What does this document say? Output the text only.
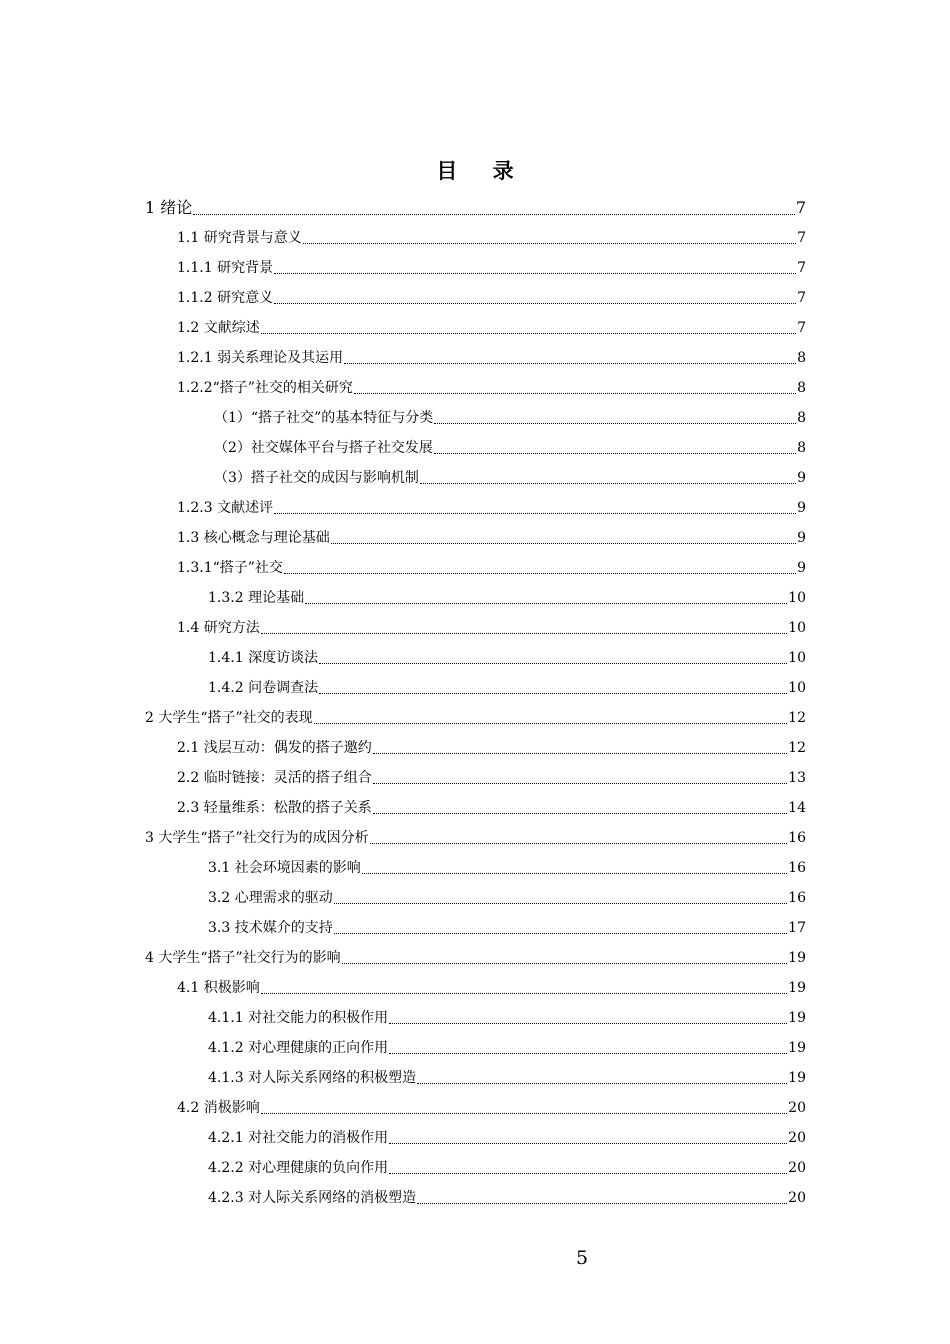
目 录
1 绪论	7
1.1 研究背景与意义	7
1.1.1 研究背景	7
1.1.2 研究意义	7
1.2 文献综述	7
1.2.1 弱关系理论及其运用	8
1.2.2“搭子”社交的相关研究	8
（1）“搭子社交”的基本特征与分类	8
（2）社交媒体平台与搭子社交发展	8
（3）搭子社交的成因与影响机制	9
1.2.3 文献述评	9
1.3 核心概念与理论基础	9
1.3.1“搭子”社交	9
1.3.2 理论基础	10
1.4 研究方法	10
1.4.1 深度访谈法	10
1.4.2 问卷调查法	10
2 大学生“搭子”社交的表现	12
2.1 浅层互动：偶发的搭子邀约	12
2.2 临时链接：灵活的搭子组合	13
2.3 轻量维系：松散的搭子关系	14
3 大学生“搭子”社交行为的成因分析	16
3.1 社会环境因素的影响	16
3.2 心理需求的驱动	16
3.3 技术媒介的支持	17
4 大学生“搭子”社交行为的影响	19
4.1 积极影响	19
4.1.1 对社交能力的积极作用	19
4.1.2 对心理健康的正向作用	19
4.1.3 对人际关系网络的积极塑造	19
4.2 消极影响	20
4.2.1 对社交能力的消极作用	20
4.2.2 对心理健康的负向作用	20
4.2.3 对人际关系网络的消极塑造	20
5
